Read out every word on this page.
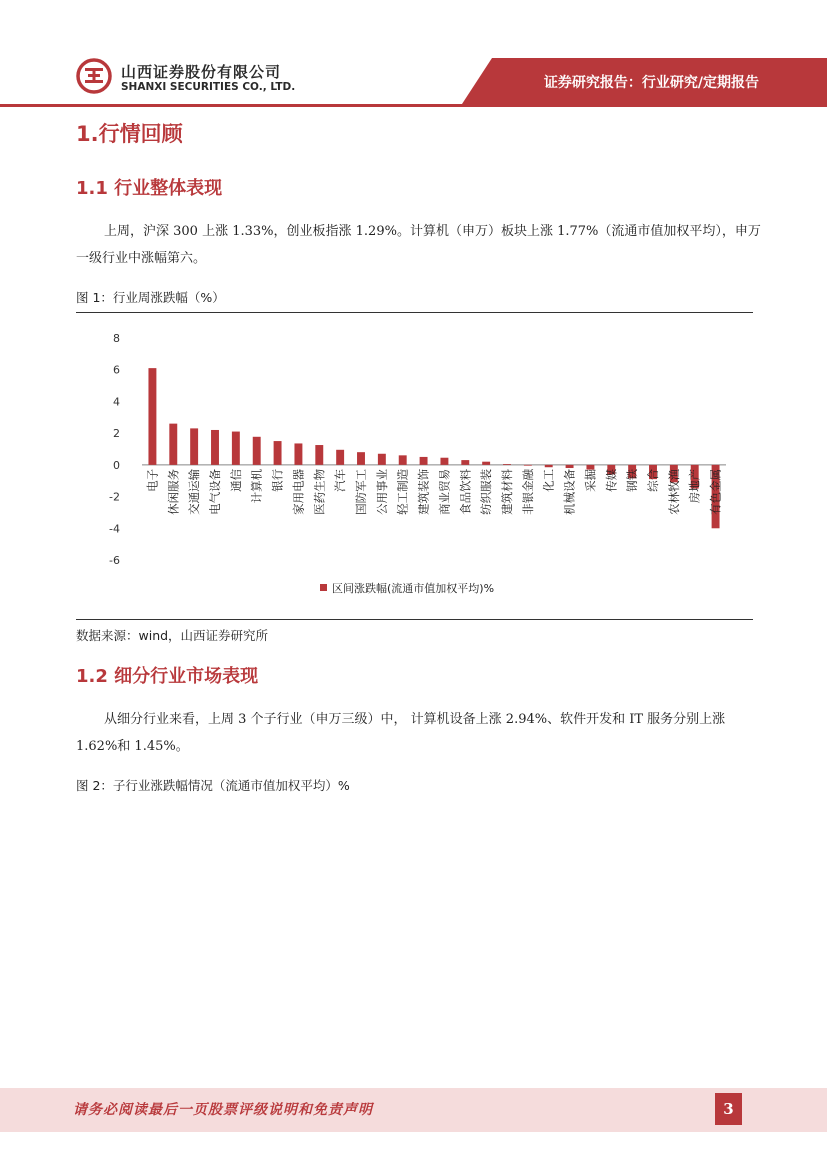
山西证券股份有限公司
SHANXI SECURITIES CO., LTD.	证券研究报告：行业研究/定期报告
1.行情回顾
1.1 行业整体表现
上周，沪深 300 上涨 1.33%，创业板指涨 1.29%。计算机（申万）板块上涨 1.77%（流通市值加权平均），申万一级行业中涨幅第六。
图 1：行业周涨跌幅（%）
8
6
4
2
0
-2
-4
-6
电子 休闲服务 交通运输 电气设备 通信 计算机 银行 家用电器 医药生物 汽车 国防军工 公用事业 轻工制造 建筑装饰 商业贸易 食品饮料 纺织服装 建筑材料 非银金融 化工 机械设备 采掘 传媒 钢铁 综合 农林牧渔 房地产 有色金属
区间涨跌幅(流通市值加权平均)%
数据来源：wind，山西证券研究所
1.2 细分行业市场表现
从细分行业来看，上周 3 个子行业（申万三级）中， 计算机设备上涨 2.94%、软件开发和 IT 服务分别上涨 1.62%和 1.45%。
图 2：子行业涨跌幅情况（流通市值加权平均）%
请务必阅读最后一页股票评级说明和免责声明	3
